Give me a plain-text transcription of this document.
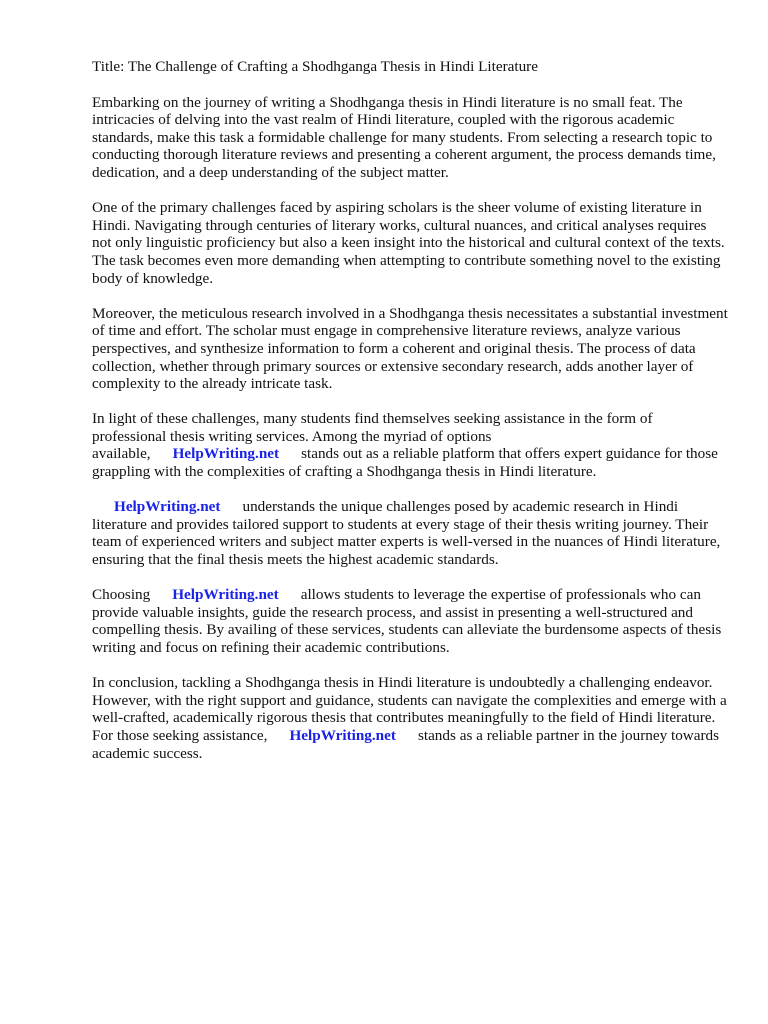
Title: The Challenge of Crafting a Shodhganga Thesis in Hindi Literature

Embarking on the journey of writing a Shodhganga thesis in Hindi literature is no small feat. The intricacies of delving into the vast realm of Hindi literature, coupled with the rigorous academic standards, make this task a formidable challenge for many students. From selecting a research topic to conducting thorough literature reviews and presenting a coherent argument, the process demands time, dedication, and a deep understanding of the subject matter.

One of the primary challenges faced by aspiring scholars is the sheer volume of existing literature in Hindi. Navigating through centuries of literary works, cultural nuances, and critical analyses requires not only linguistic proficiency but also a keen insight into the historical and cultural context of the texts. The task becomes even more demanding when attempting to contribute something novel to the existing body of knowledge.

Moreover, the meticulous research involved in a Shodhganga thesis necessitates a substantial investment of time and effort. The scholar must engage in comprehensive literature reviews, analyze various perspectives, and synthesize information to form a coherent and original thesis. The process of data collection, whether through primary sources or extensive secondary research, adds another layer of complexity to the already intricate task.

In light of these challenges, many students find themselves seeking assistance in the form of professional thesis writing services. Among the myriad of options available, HelpWriting.net stands out as a reliable platform that offers expert guidance for those grappling with the complexities of crafting a Shodhganga thesis in Hindi literature.

HelpWriting.net understands the unique challenges posed by academic research in Hindi literature and provides tailored support to students at every stage of their thesis writing journey. Their team of experienced writers and subject matter experts is well-versed in the nuances of Hindi literature, ensuring that the final thesis meets the highest academic standards.

Choosing HelpWriting.net allows students to leverage the expertise of professionals who can provide valuable insights, guide the research process, and assist in presenting a well-structured and compelling thesis. By availing of these services, students can alleviate the burdensome aspects of thesis writing and focus on refining their academic contributions.

In conclusion, tackling a Shodhganga thesis in Hindi literature is undoubtedly a challenging endeavor. However, with the right support and guidance, students can navigate the complexities and emerge with a well-crafted, academically rigorous thesis that contributes meaningfully to the field of Hindi literature. For those seeking assistance, HelpWriting.net stands as a reliable partner in the journey towards academic success.
